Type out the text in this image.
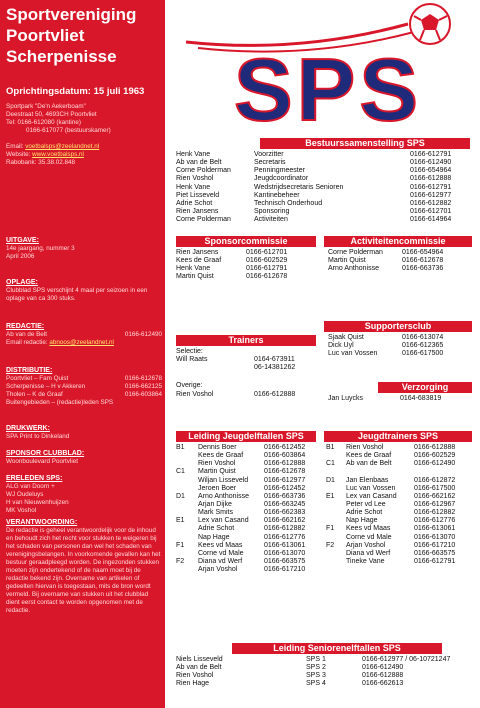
Sportvereniging
Poortvliet
Scherpenisse
Oprichtingsdatum: 15 juli 1963
Sportpark "De'n Aekerboam"
Deestraat 50, 4693CH Poortvliet
Tel: 0166-612080 (kantine)
0166-617077 (bestuurskamer)
Email: voetbalsps@zeelandnet.nl
Website: www.voetbalsps.nl
Rabobank: 35.38.02.848
UITGAVE:
14e jaargang, nummer 3
April 2006
OPLAGE:
Clubblad SPS verschijnt 4 maal per seizoen in een oplage van ca 300 stuks.
REDACTIE:
Ab van de Belt	0166-612490
Email redactie: abnoos@zeelandnet.nl
DISTRIBUTIE:
Poortvliet – Fam Quist	0166-612678
Scherpenisse – H v Akkeren	0166-662125
Tholen – K de Graaf	0166-603864
Buitengebieden – (redactie)leden SPS
DRUKWERK:
SPA Print to Dinkeland
SPONSOR CLUBBLAD:
Woonboulevard Poortvliet
ERELEDEN SPS:
ALG van Doorn +
WJ Oudeluys
H van Nieuwenhuijzen
MK Voshol
VERANTWOORDING:
De redactie is geheel verantwoordelijk voor de inhoud en behoudt zich het recht voor stukken te weigeren bij het schaden van personen dan wel het schaden van verenigingsbelangen. In voorkomende gevallen kan het bestuur geraadpleegd worden. De ingezonden stukken moeten zijn ondertekend of de naam moet bij de redactie bekend zijn. Overname van artikelen of gedeelten hiervan is toegestaan, mits de bron wordt vermeld. Bij overname van stukken uit het clubblad dient eerst contact te worden opgenomen met de redactie.
SPS
Bestuurssamenstelling SPS
Henk Vane	Voorzitter	0166-612791
Ab van de Belt	Secretaris	0166-612490
Corne Polderman	Penningmeester	0166-654964
Rien Voshol	Jeugdcoordinator	0166-612888
Henk Vane	Wedstrijdsecretaris Senioren	0166-612791
Piet Lisseveld	Kantinebeheer	0166-612977
Adrie Schot	Technisch Onderhoud	0166-612882
Rien Jansens	Sponsoring	0166-612701
Corne Polderman	Activiteiten	0166-614964
Sponsorcommissie	Activiteitencommissie
Rien Jansens	0166-612701
Kees de Graaf	0166-602529
Henk Vane	0166-612791
Martin Quist	0166-612678
Corne Polderman	0166-654964
Martin Quist	0166-612678
Arno Anthonisse	0166-663736
Trainers
Selectie:
Will Raats	0164-673911
06-14381262
Overige:
Rien Voshol	0166-612888
Supportersclub
Sjaak Quist	0166-613074
Dick Uyl	0166-612365
Luc van Vossen	0166-617500
Verzorging
Jan Luycks	0164-683819
Leiding Jeugdelftallen SPS	Jeugdtrainers SPS
B1 Dennis Boer	0166-612452
Kees de Graaf	0166-603864
Rien Voshol	0166-612888
C1 Martin Quist	0166-612678
Wiljan Lisseveld 0166-612977
Jeroen Boer	0166-612452
D1 Arno Anthonisse 0166-663736
Arjan Dijke	0166-663245
Mark Smits	0166-662383
E1 Lex van Casand 0166-662162
Adrie Schot	0166-612882
Nap Hage	0166-612776
F1 Kees vd Maas	0166-613061
Corne vd Male	0166-613070
F2 Diana vd Werf	0166-663575
Arjan Voshol	0166-617210
B1 Rien Voshol	0166-612888
Kees de Graaf	0166-602529
C1 Ab van de Belt	0166-612490
D1 Jan Elenbaas	0166-612872
Luc van Vossen	0166-617500
E1 Lex van Casand 0166-662162
Peter vd Lee	0166-612967
Adrie Schot	0166-612882
Nap Hage	0166-612776
F1 Kees vd Maas	0166-613061
Corne vd Male	0166-613070
F2 Arjan Voshol	0166-617210
Diana vd Werf	0166-663575
Tineke Vane	0166-612791
Leiding Seniorenelftallen SPS
Niels Lisseveld	SPS 1	0166-612977 / 06-10721247
Ab van de Belt	SPS 2	0166-612490
Rien Voshol	SPS 3	0166-612888
Rien Hage	SPS 4	0166-662613
